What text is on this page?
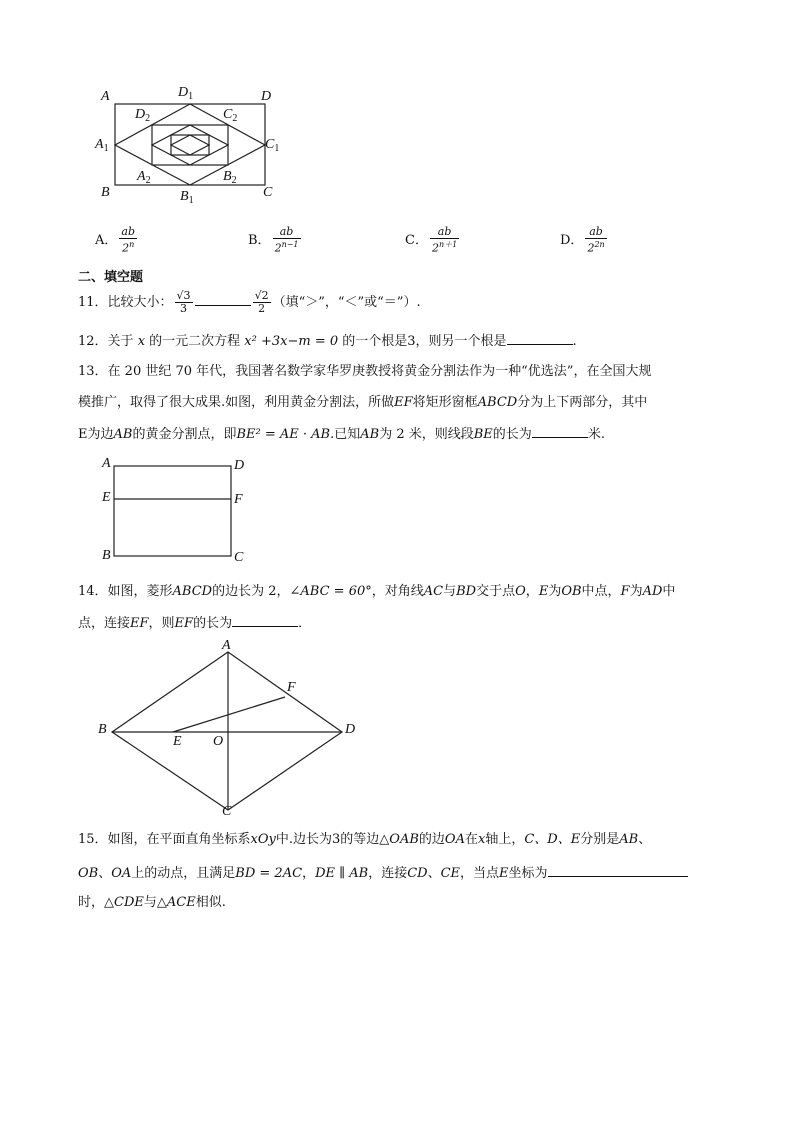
A	$D_1$	D
$D_2$	$C_2$
$A_1$	$C_1$
$A_2$	$B_2$
B	$B_1$
C
A． $\frac{ab}{2^n}$	B． $\frac{ab}{2^{n-1}}$	C． $\frac{ab}{2^{n+1}}$	D． $\frac{ab}{2^{2n}}$
二、填空题
11．比较大小： $\frac{√3}{3}$	$\frac{√2}{2}$ （填“＞”，“＜”或“＝”）.
12．关于 x 的一元二次方程 x² +3x−m = 0 的一个根是3，则另一个根是	.
13．在 20 世纪 70 年代，我国著名数学家华罗庚教授将黄金分割法作为一种“优选法”，在全国大规
模推广，取得了很大成果.如图，利用黄金分割法，所做EF将矩形窗框ABCD分为上下两部分，其中
E为边AB的黄金分割点，即BE² = AE · AB.已知AB为 2 米，则线段BE的长为	米.
A	D
E	F
B	C
14．如图，菱形ABCD的边长为 2，∠ABC = 60°，对角线AC与BD交于点O，E为OB中点，F为AD中
点，连接EF，则EF的长为	．
A
B
C
D
E O
F
15．如图，在平面直角坐标系xOy中.边长为3的等边△OAB的边OA在x轴上，C、D、E分别是AB、
OB、OA上的动点，且满足BD = 2AC，DE ∥ AB，连接CD、CE，当点E坐标为
时，△CDE与△ACE相似.
